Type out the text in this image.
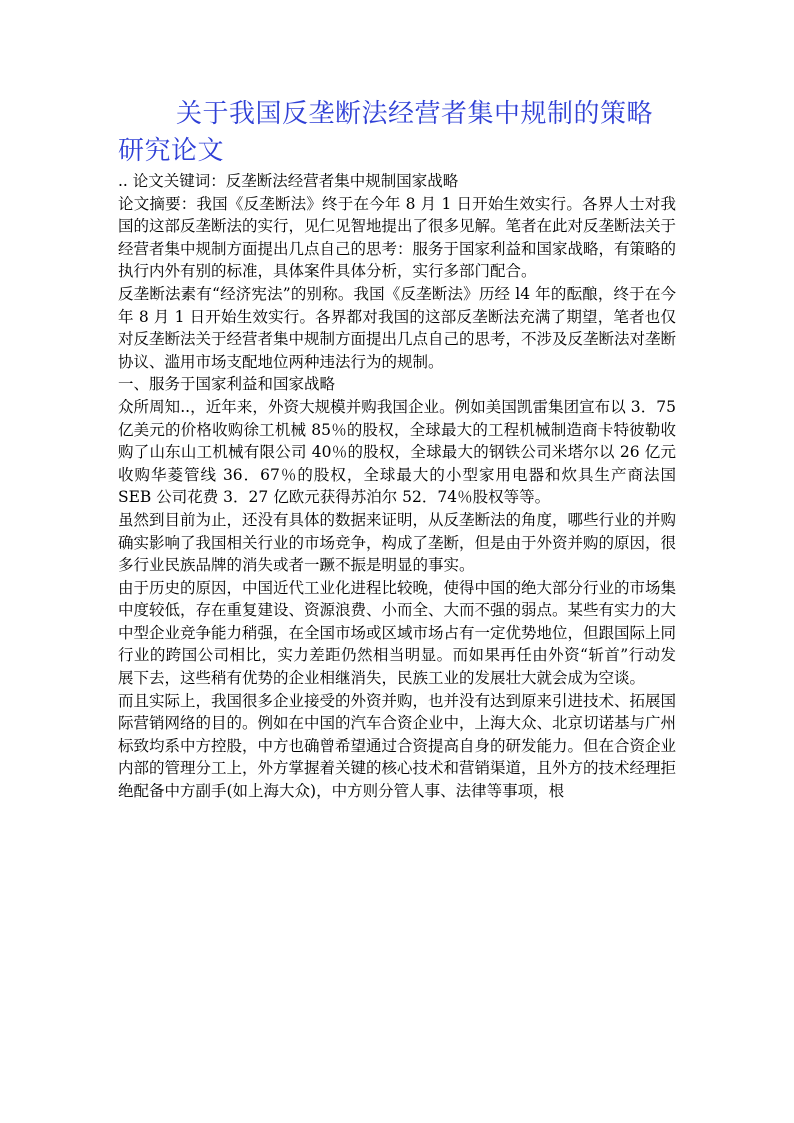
关于我国反垄断法经营者集中规制的策略研究论文

.. 论文关键词：反垄断法经营者集中规制国家战略

论文摘要：我国《反垄断法》终于在今年 8 月 1 日开始生效实行。各界人士对我国的这部反垄断法的实行，见仁见智地提出了很多见解。笔者在此对反垄断法关于经营者集中规制方面提出几点自己的思考：服务于国家利益和国家战略，有策略的执行内外有别的标准，具体案件具体分析，实行多部门配合。

反垄断法素有“经济宪法”的别称。我国《反垄断法》历经 l4 年的酝酿，终于在今年 8 月 1 日开始生效实行。各界都对我国的这部反垄断法充满了期望，笔者也仅对反垄断法关于经营者集中规制方面提出几点自己的思考，不涉及反垄断法对垄断协议、滥用市场支配地位两种违法行为的规制。

一、服务于国家利益和国家战略

众所周知..，近年来，外资大规模并购我国企业。例如美国凯雷集团宣布以 3．75 亿美元的价格收购徐工机械 85％的股权，全球最大的工程机械制造商卡特彼勒收购了山东山工机械有限公司 40％的股权，全球最大的钢铁公司米塔尔以 26 亿元收购华菱管线 36．67％的股权，全球最大的小型家用电器和炊具生产商法国 SEB 公司花费 3．27 亿欧元获得苏泊尔 52．74％股权等等。

虽然到目前为止，还没有具体的数据来证明，从反垄断法的角度，哪些行业的并购确实影响了我国相关行业的市场竞争，构成了垄断，但是由于外资并购的原因，很多行业民族品牌的消失或者一蹶不振是明显的事实。

由于历史的原因，中国近代工业化进程比较晚，使得中国的绝大部分行业的市场集中度较低，存在重复建设、资源浪费、小而全、大而不强的弱点。某些有实力的大中型企业竞争能力稍强，在全国市场或区域市场占有一定优势地位，但跟国际上同行业的跨国公司相比，实力差距仍然相当明显。而如果再任由外资“斩首”行动发展下去，这些稍有优势的企业相继消失，民族工业的发展壮大就会成为空谈。

而且实际上，我国很多企业接受的外资并购，也并没有达到原来引进技术、拓展国际营销网络的目的。例如在中国的汽车合资企业中，上海大众、北京切诺基与广州标致均系中方控股，中方也确曾希望通过合资提高自身的研发能力。但在合资企业内部的管理分工上，外方掌握着关键的核心技术和营销渠道，且外方的技术经理拒绝配备中方副手(如上海大众)，中方则分管人事、法律等事项，根
